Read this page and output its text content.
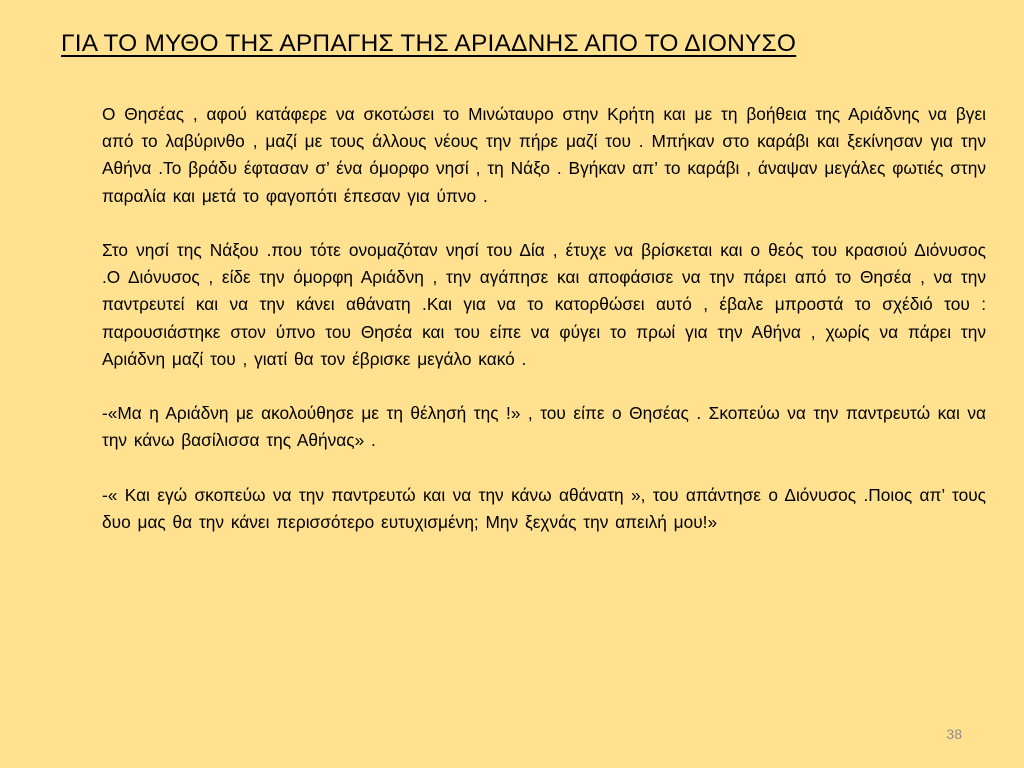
ΓΙΑ ΤΟ ΜΥΘΟ ΤΗΣ ΑΡΠΑΓΗΣ ΤΗΣ ΑΡΙΑΔΝΗΣ ΑΠΟ ΤΟ ΔΙΟΝΥΣΟ

Ο Θησέας , αφού κατάφερε να σκοτώσει το Μινώταυρο στην Κρήτη και με τη βοήθεια της Αριάδνης να βγει από το λαβύρινθο , μαζί με τους άλλους νέους την πήρε μαζί του . Μπήκαν στο καράβι και ξεκίνησαν για την Αθήνα .Το βράδυ έφτασαν σ’ ένα όμορφο νησί , τη Νάξο . Βγήκαν απ’ το καράβι , άναψαν μεγάλες φωτιές στην παραλία και μετά το φαγοπότι έπεσαν για ύπνο .

Στο νησί της Νάξου .που τότε ονομαζόταν νησί του Δία , έτυχε να βρίσκεται και ο θεός του κρασιού Διόνυσος .Ο Διόνυσος , είδε την όμορφη Αριάδνη , την αγάπησε και αποφάσισε να την πάρει από το Θησέα , να την παντρευτεί και να την κάνει αθάνατη .Και για να το κατορθώσει αυτό , έβαλε μπροστά το σχέδιό του : παρουσιάστηκε στον ύπνο του Θησέα και του είπε να φύγει το πρωί για την Αθήνα , χωρίς να πάρει την Αριάδνη μαζί του , γιατί θα τον έβρισκε μεγάλο κακό .

-«Μα η Αριάδνη με ακολούθησε με τη θέλησή της !» , του είπε ο Θησέας . Σκοπεύω να την παντρευτώ και να την κάνω βασίλισσα της Αθήνας» .

-« Και εγώ σκοπεύω να την παντρευτώ και να την κάνω αθάνατη », του απάντησε ο Διόνυσος .Ποιος απ’ τους δυο μας θα την κάνει περισσότερο ευτυχισμένη; Μην ξεχνάς την απειλή μου!»

38
